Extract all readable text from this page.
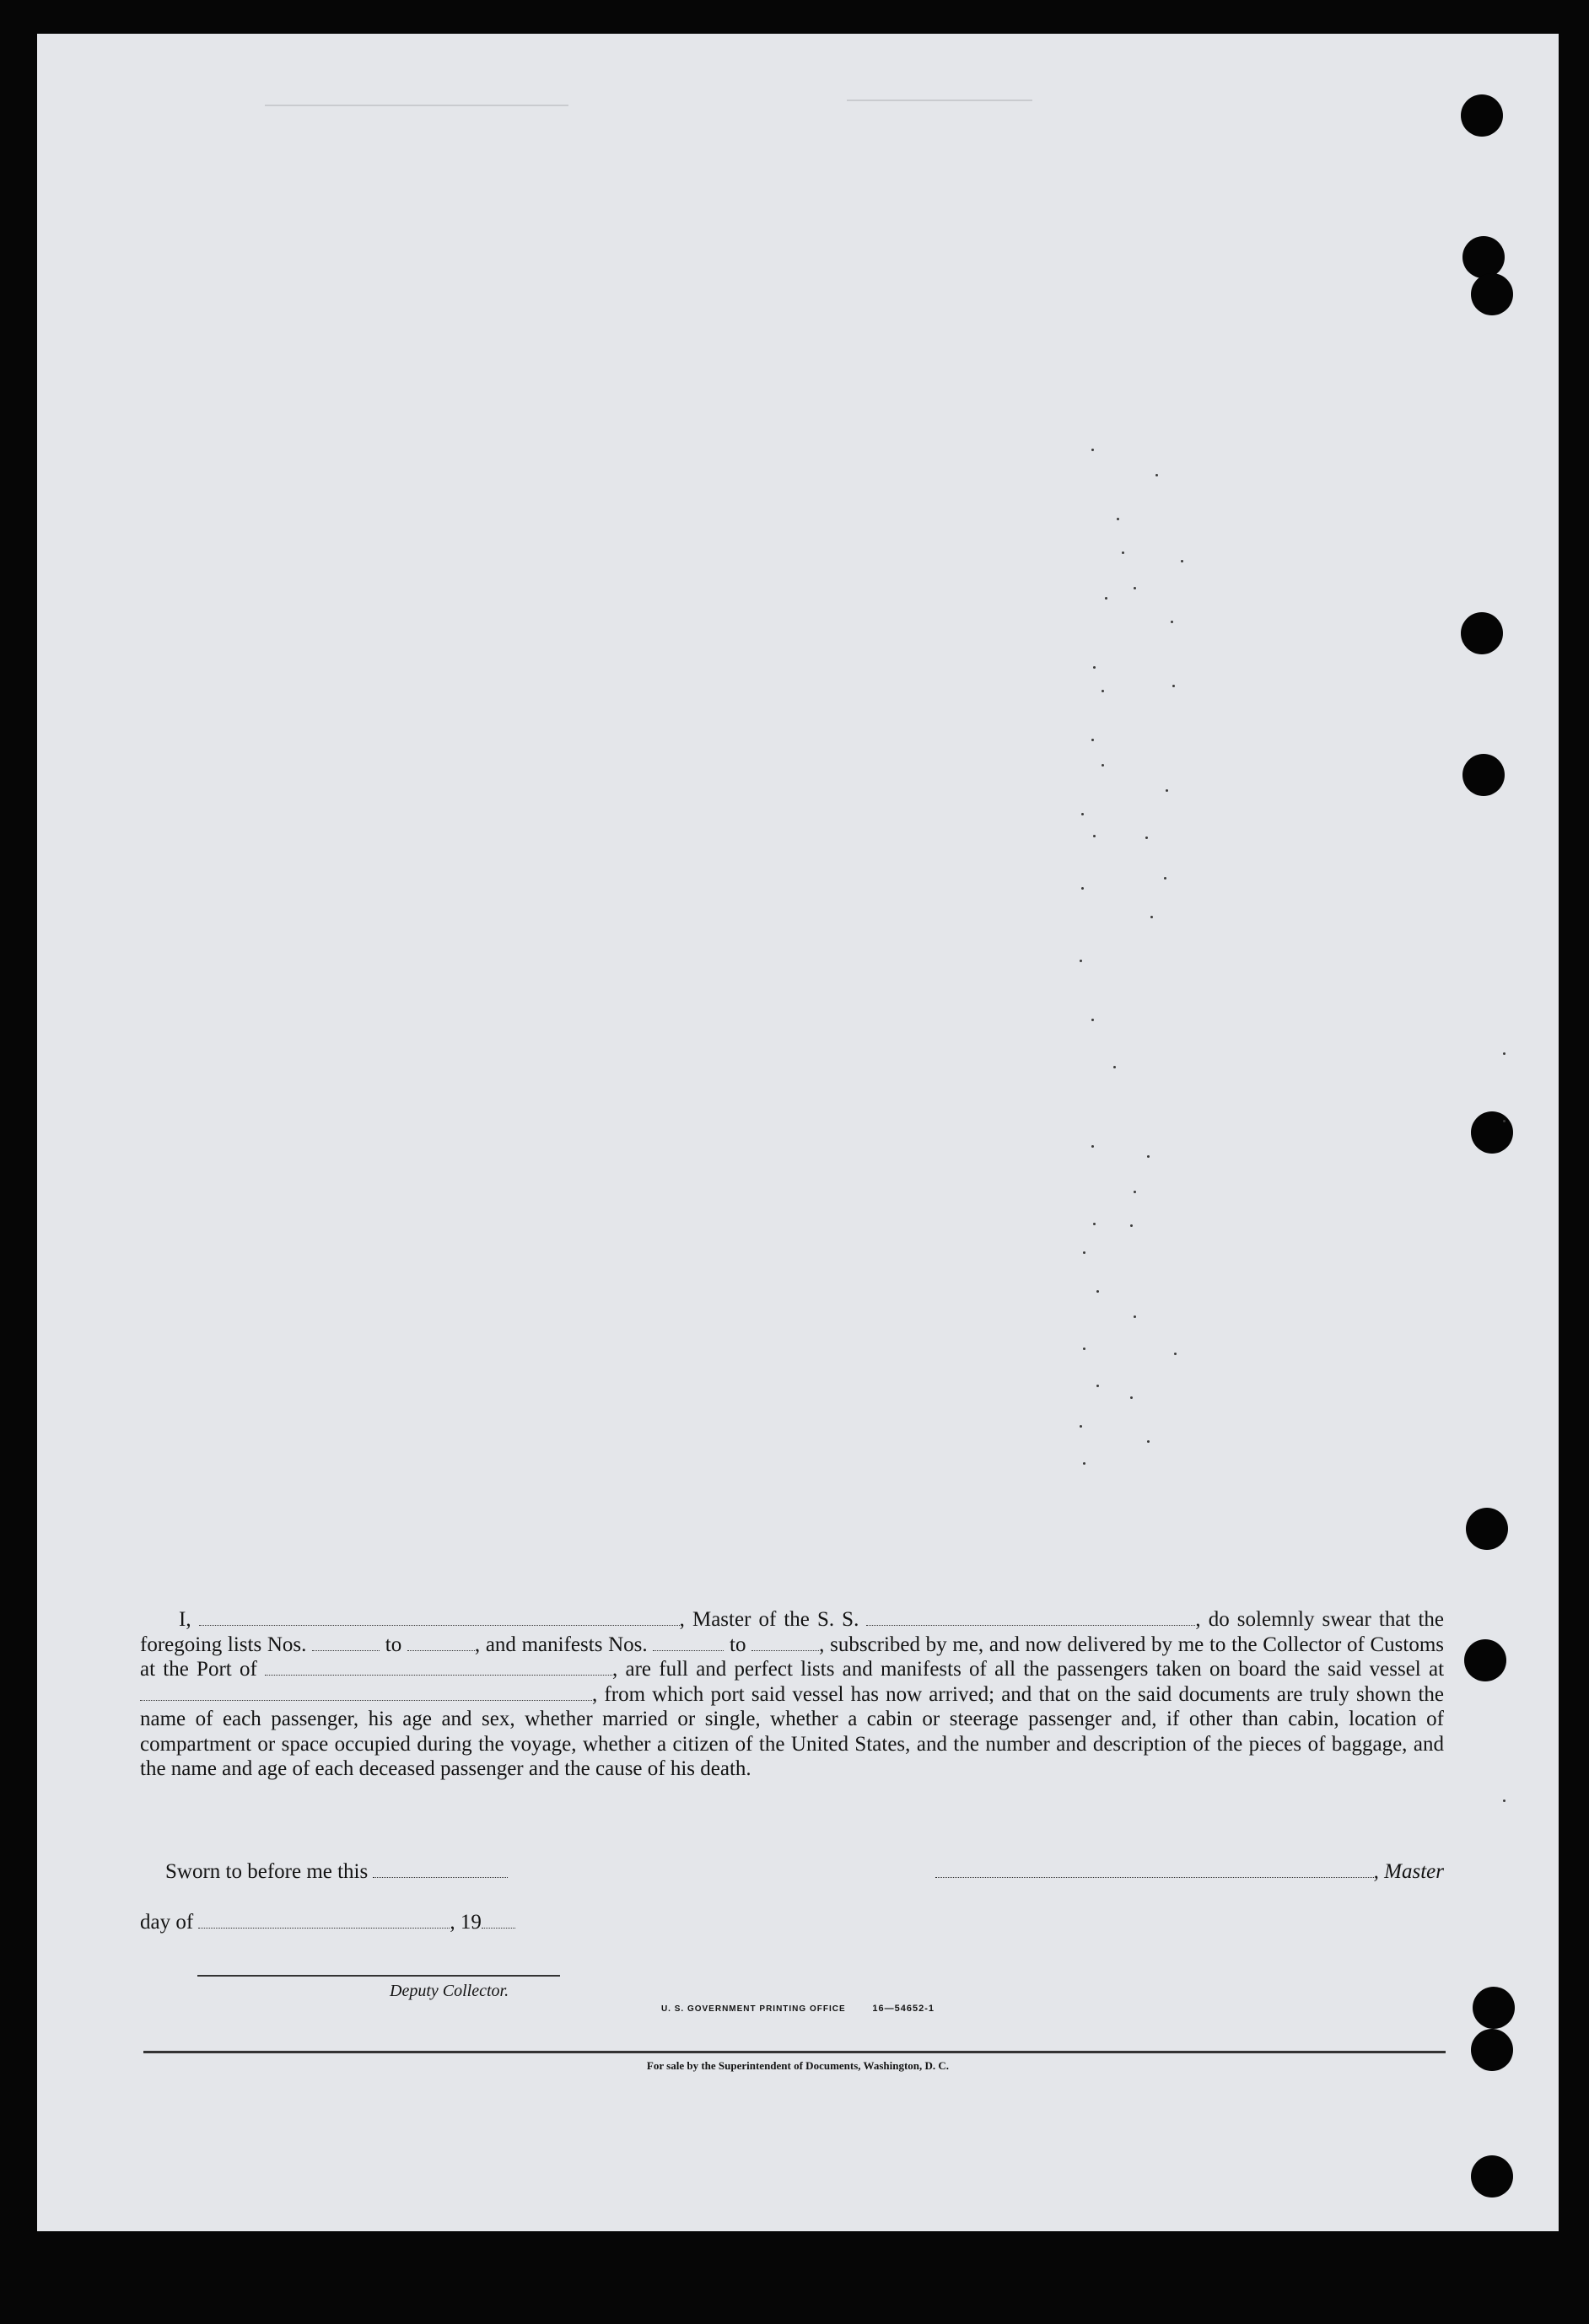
I,	, Master of the S. S.	, do solemnly swear that the foregoing lists Nos.	to	, and manifests Nos.	to	, subscribed by me, and now delivered by me to the Collector of Customs at the Port of	, are full and perfect lists and manifests of all the passengers taken on board the said vessel at , from which port said vessel has now arrived; and that on the said documents are truly shown the name of each passenger, his age and sex, whether married or single, whether a cabin or steerage passenger and, if other than cabin, location of compartment or space occupied during the voyage, whether a citizen of the United States, and the number and description of the pieces of baggage, and the name and age of each deceased passenger and the cause of his death.

Sworn to before me this	, Master
day of	, 19
Deputy Collector.
U. S. GOVERNMENT PRINTING OFFICE	16—54652-1
For sale by the Superintendent of Documents, Washington, D. C.
